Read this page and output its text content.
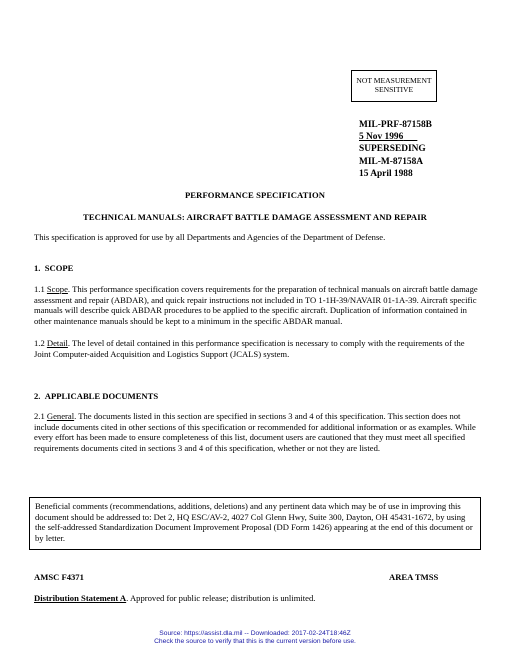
NOT MEASUREMENT
SENSITIVE
MIL-PRF-87158B
5 Nov 1996
SUPERSEDING
MIL-M-87158A
15 April 1988
PERFORMANCE SPECIFICATION
TECHNICAL MANUALS: AIRCRAFT BATTLE DAMAGE ASSESSMENT AND REPAIR
This specification is approved for use by all Departments and Agencies of the Department of Defense.
1. SCOPE
1.1 Scope. This performance specification covers requirements for the preparation of technical manuals on aircraft battle damage assessment and repair (ABDAR), and quick repair instructions not included in TO 1-1H-39/NAVAIR 01-1A-39. Aircraft specific manuals will describe quick ABDAR procedures to be applied to the specific aircraft. Duplication of information contained in other maintenance manuals should be kept to a minimum in the specific ABDAR manual.
1.2 Detail. The level of detail contained in this performance specification is necessary to comply with the requirements of the Joint Computer-aided Acquisition and Logistics Support (JCALS) system.
2. APPLICABLE DOCUMENTS
2.1 General. The documents listed in this section are specified in sections 3 and 4 of this specification. This section does not include documents cited in other sections of this specification or recommended for additional information or as examples. While every effort has been made to ensure completeness of this list, document users are cautioned that they must meet all specified requirements documents cited in sections 3 and 4 of this specification, whether or not they are listed.
Beneficial comments (recommendations, additions, deletions) and any pertinent data which may be of use in improving this document should be addressed to: Det 2, HQ ESC/AV-2, 4027 Col Glenn Hwy, Suite 300, Dayton, OH 45431-1672, by using the self-addressed Standardization Document Improvement Proposal (DD Form 1426) appearing at the end of this document or by letter.
AMSC F4371	AREA TMSS
Distribution Statement A. Approved for public release; distribution is unlimited.
Source: https://assist.dla.mil -- Downloaded: 2017-02-24T18:46Z
Check the source to verify that this is the current version before use.
